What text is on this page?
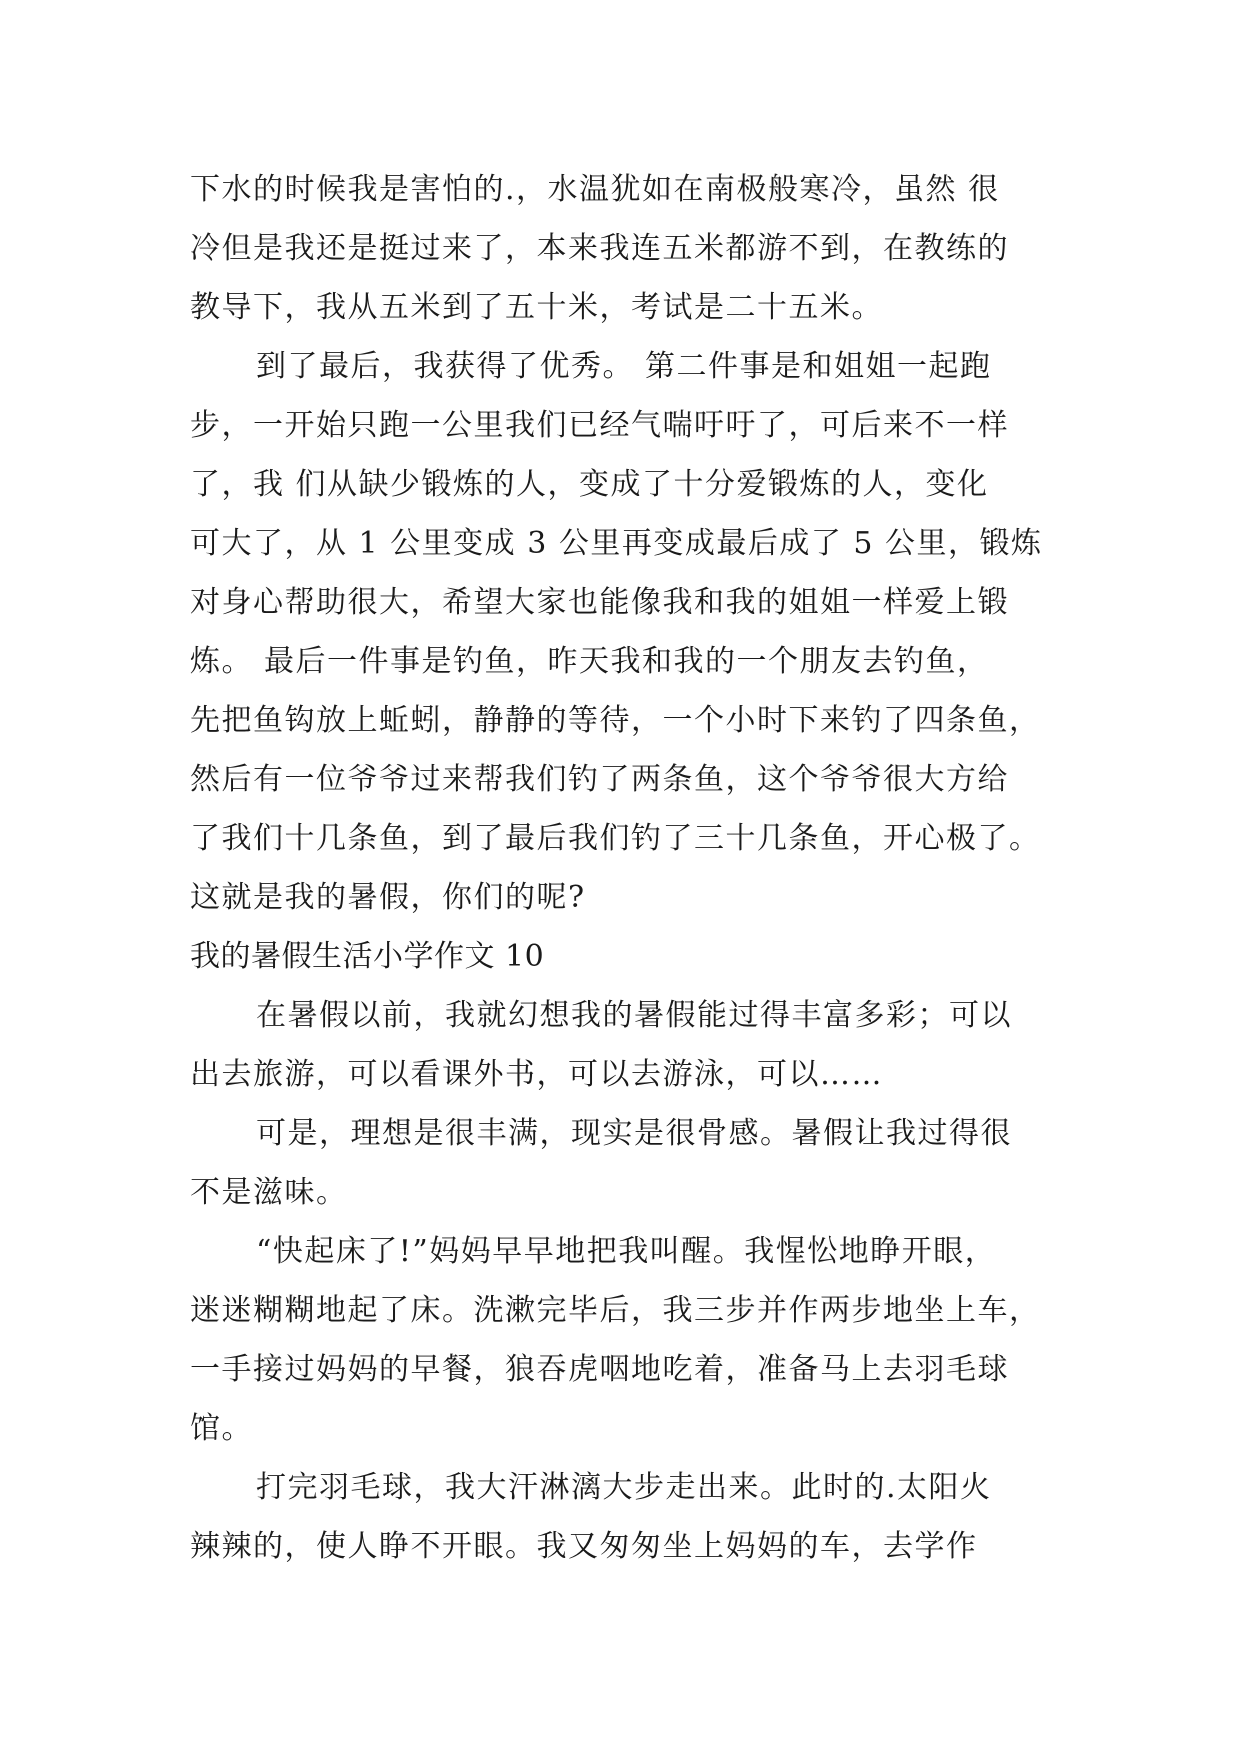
下水的时候我是害怕的.，水温犹如在南极般寒冷，虽然 很
冷但是我还是挺过来了，本来我连五米都游不到，在教练的
教导下，我从五米到了五十米，考试是二十五米。
到了最后，我获得了优秀。 第二件事是和姐姐一起跑
步，一开始只跑一公里我们已经气喘吁吁了，可后来不一样
了，我 们从缺少锻炼的人，变成了十分爱锻炼的人，变化
可大了，从 1 公里变成 3 公里再变成最后成了 5 公里，锻炼
对身心帮助很大，希望大家也能像我和我的姐姐一样爱上锻
炼。 最后一件事是钓鱼，昨天我和我的一个朋友去钓鱼，
先把鱼钩放上蚯蚓，静静的等待，一个小时下来钓了四条鱼，
然后有一位爷爷过来帮我们钓了两条鱼，这个爷爷很大方给
了我们十几条鱼，到了最后我们钓了三十几条鱼，开心极了。
这就是我的暑假，你们的呢?
我的暑假生活小学作文 10
在暑假以前，我就幻想我的暑假能过得丰富多彩；可以
出去旅游，可以看课外书，可以去游泳，可以……
可是，理想是很丰满，现实是很骨感。暑假让我过得很
不是滋味。
“快起床了!”妈妈早早地把我叫醒。我惺忪地睁开眼，
迷迷糊糊地起了床。洗漱完毕后，我三步并作两步地坐上车，
一手接过妈妈的早餐，狼吞虎咽地吃着，准备马上去羽毛球
馆。
打完羽毛球，我大汗淋漓大步走出来。此时的.太阳火
辣辣的，使人睁不开眼。我又匆匆坐上妈妈的车，去学作
